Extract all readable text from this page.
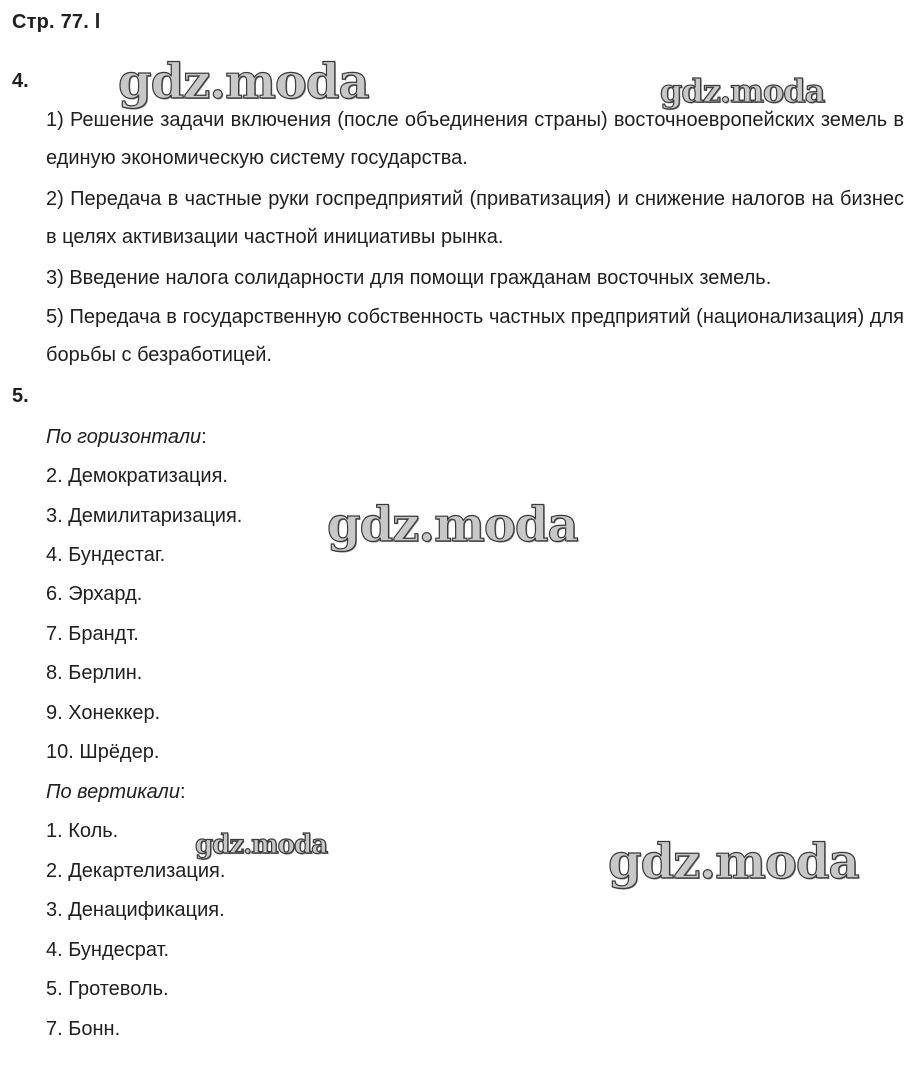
Стр. 77. l
4.

1) Решение задачи включения (после объединения страны) восточноевропейских земель в единую экономическую систему государства.

2) Передача в частные руки госпредприятий (приватизация) и снижение налогов на бизнес в целях активизации частной инициативы рынка.

3) Введение налога солидарности для помощи гражданам восточных земель.

5) Передача в государственную собственность частных предприятий (национализация) для борьбы с безработицей.

5.
По горизонтали:
2. Демократизация.
3. Демилитаризация.
4. Бундестаг.
6. Эрхард.
7. Брандт.
8. Берлин.
9. Хонеккер.
10. Шрёдер.
По вертикали:
1. Коль.
2. Декартелизация.
3. Денацификация.
4. Бундесрат.
5. Гротеволь.
7. Бонн.
gdz.moda	gdz.moda
gdz.moda
gdz.moda	gdz.moda
